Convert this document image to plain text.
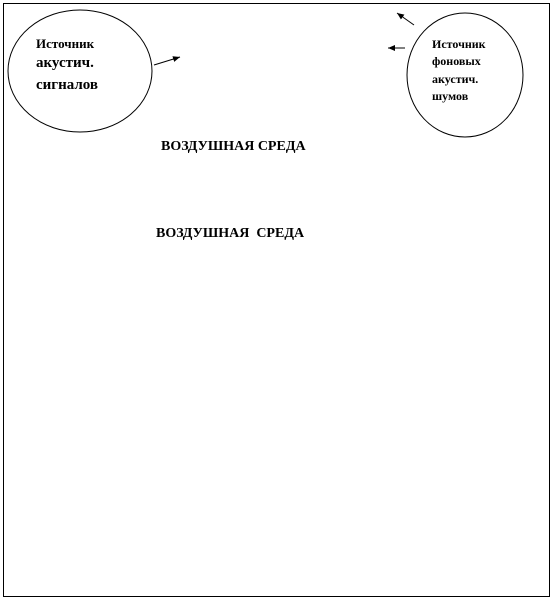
Источник
акустич.
сигналов
Источник
фоновых
акустич.
шумов
ВОЗДУШНАЯ СРЕДА
ВОЗДУШНАЯ  СРЕДА
